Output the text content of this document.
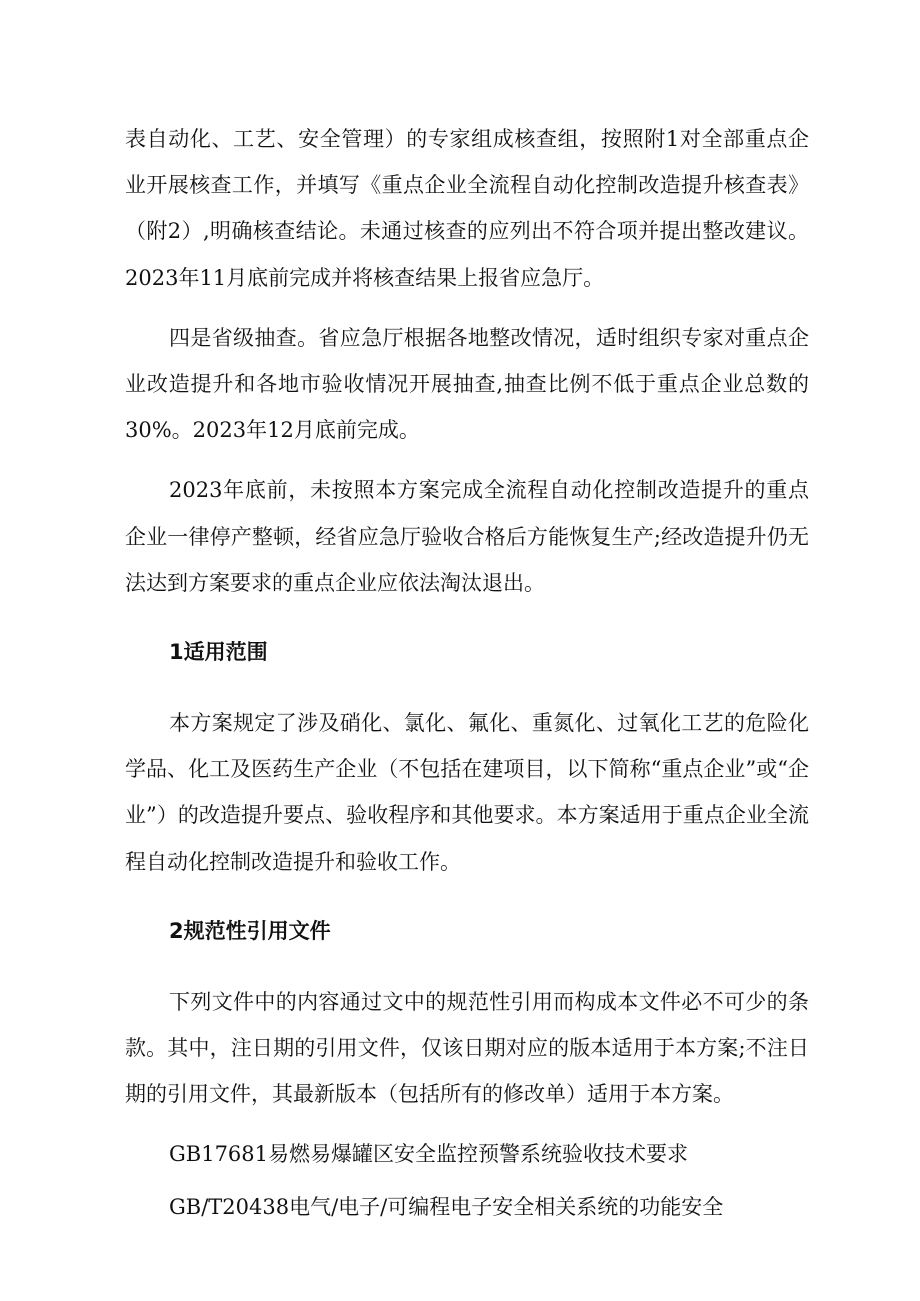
表自动化、工艺、安全管理）的专家组成核查组，按照附1对全部重点企业开展核查工作，并填写《重点企业全流程自动化控制改造提升核查表》（附2）,明确核查结论。未通过核查的应列出不符合项并提出整改建议。2023年11月底前完成并将核查结果上报省应急厅。

四是省级抽查。省应急厅根据各地整改情况，适时组织专家对重点企业改造提升和各地市验收情况开展抽查,抽查比例不低于重点企业总数的30%。2023年12月底前完成。

2023年底前，未按照本方案完成全流程自动化控制改造提升的重点企业一律停产整顿，经省应急厅验收合格后方能恢复生产;经改造提升仍无法达到方案要求的重点企业应依法淘汰退出。

1适用范围

本方案规定了涉及硝化、氯化、氟化、重氮化、过氧化工艺的危险化学品、化工及医药生产企业（不包括在建项目，以下简称“重点企业”或“企业”）的改造提升要点、验收程序和其他要求。本方案适用于重点企业全流程自动化控制改造提升和验收工作。

2规范性引用文件

下列文件中的内容通过文中的规范性引用而构成本文件必不可少的条款。其中，注日期的引用文件，仅该日期对应的版本适用于本方案;不注日期的引用文件，其最新版本（包括所有的修改单）适用于本方案。

GB17681易燃易爆罐区安全监控预警系统验收技术要求

GB/T20438电气/电子/可编程电子安全相关系统的功能安全
